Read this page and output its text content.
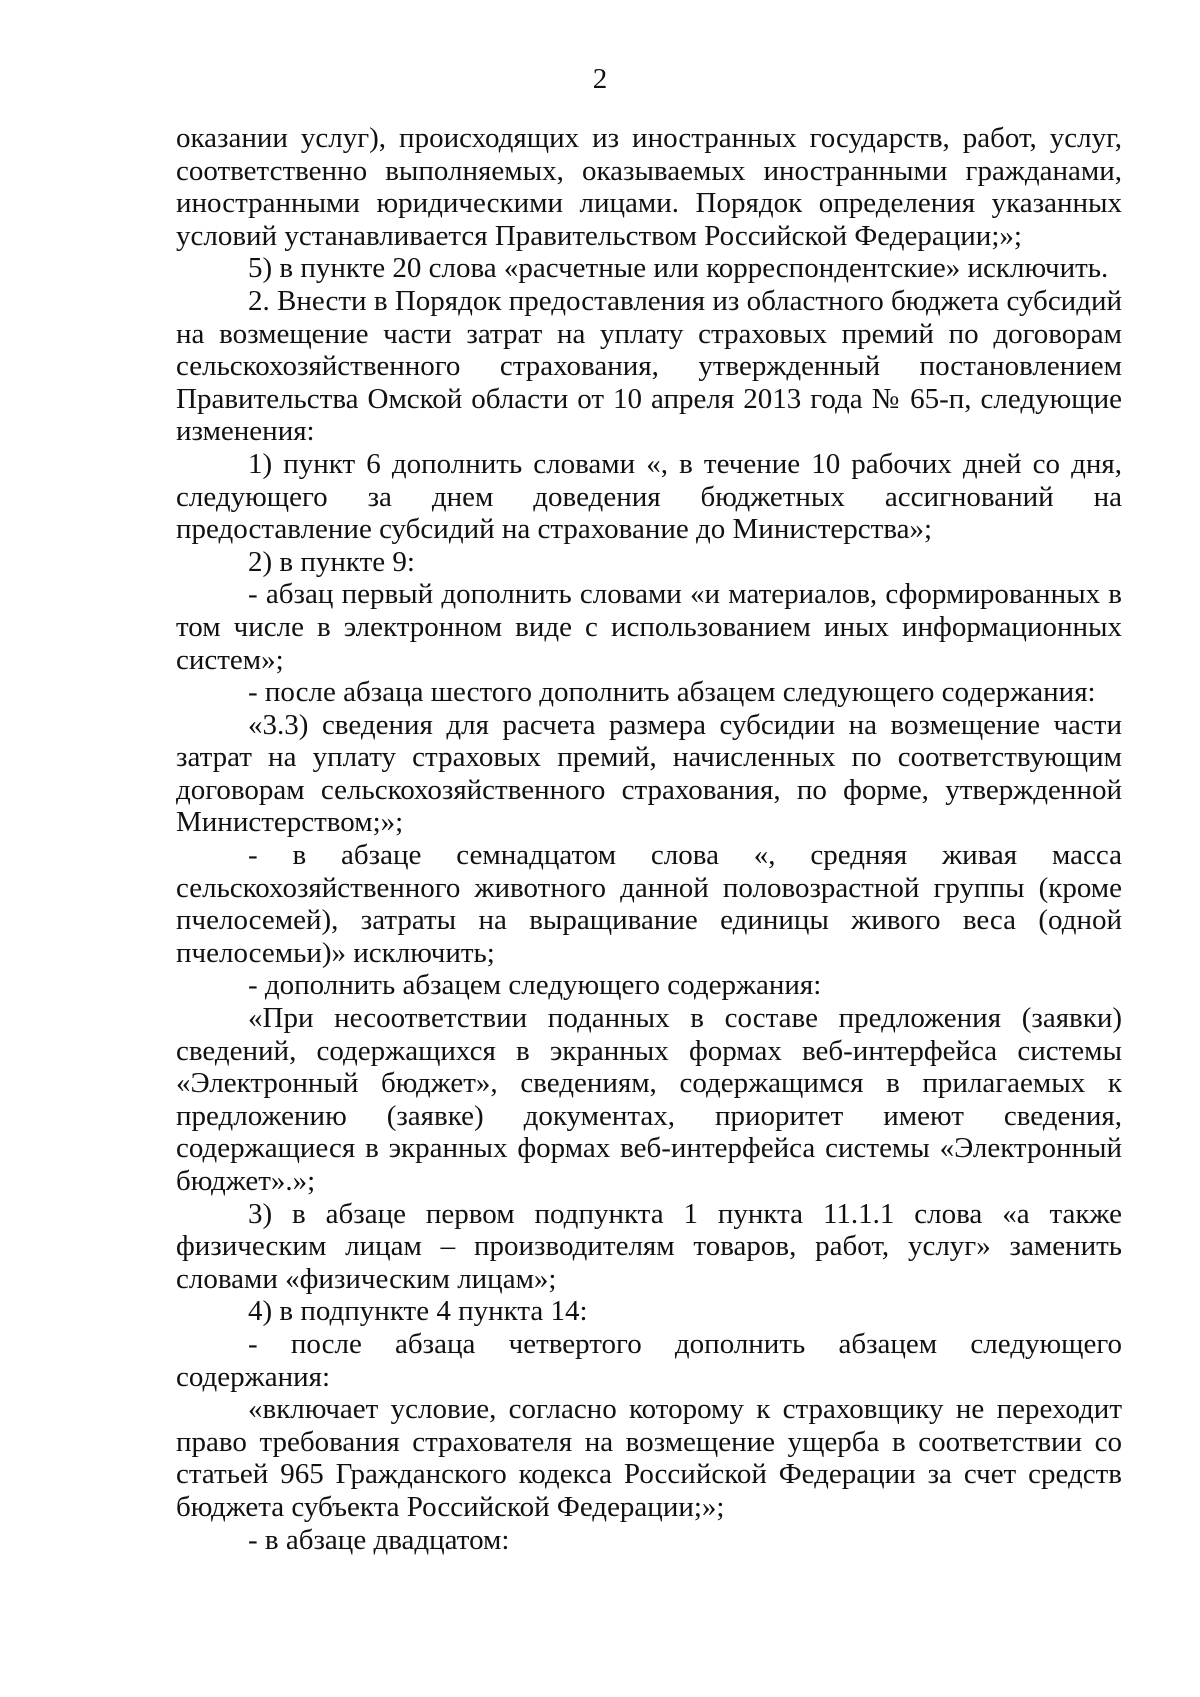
2

оказании услуг), происходящих из иностранных государств, работ, услуг, соответственно выполняемых, оказываемых иностранными гражданами, иностранными юридическими лицами. Порядок определения указанных условий устанавливается Правительством Российской Федерации;»;

5) в пункте 20 слова «расчетные или корреспондентские» исключить.

2. Внести в Порядок предоставления из областного бюджета субсидий на возмещение части затрат на уплату страховых премий по договорам сельскохозяйственного страхования, утвержденный постановлением Правительства Омской области от 10 апреля 2013 года № 65-п, следующие изменения:

1) пункт 6 дополнить словами «, в течение 10 рабочих дней со дня, следующего за днем доведения бюджетных ассигнований на предоставление субсидий на страхование до Министерства»;

2) в пункте 9:

- абзац первый дополнить словами «и материалов, сформированных в том числе в электронном виде с использованием иных информационных систем»;

- после абзаца шестого дополнить абзацем следующего содержания:

«3.3) сведения для расчета размера субсидии на возмещение части затрат на уплату страховых премий, начисленных по соответствующим договорам сельскохозяйственного страхования, по форме, утвержденной Министерством;»;

- в абзаце семнадцатом слова «, средняя живая масса сельскохозяйственного животного данной половозрастной группы (кроме пчелосемей), затраты на выращивание единицы живого веса (одной пчелосемьи)» исключить;

- дополнить абзацем следующего содержания:

«При несоответствии поданных в составе предложения (заявки) сведений, содержащихся в экранных формах веб-интерфейса системы «Электронный бюджет», сведениям, содержащимся в прилагаемых к предложению (заявке) документах, приоритет имеют сведения, содержащиеся в экранных формах веб-интерфейса системы «Электронный бюджет».»;

3) в абзаце первом подпункта 1 пункта 11.1.1 слова «а также физическим лицам – производителям товаров, работ, услуг» заменить словами «физическим лицам»;

4) в подпункте 4 пункта 14:

- после абзаца четвертого дополнить абзацем следующего содержания:

«включает условие, согласно которому к страховщику не переходит право требования страхователя на возмещение ущерба в соответствии со статьей 965 Гражданского кодекса Российской Федерации за счет средств бюджета субъекта Российской Федерации;»;

- в абзаце двадцатом:
